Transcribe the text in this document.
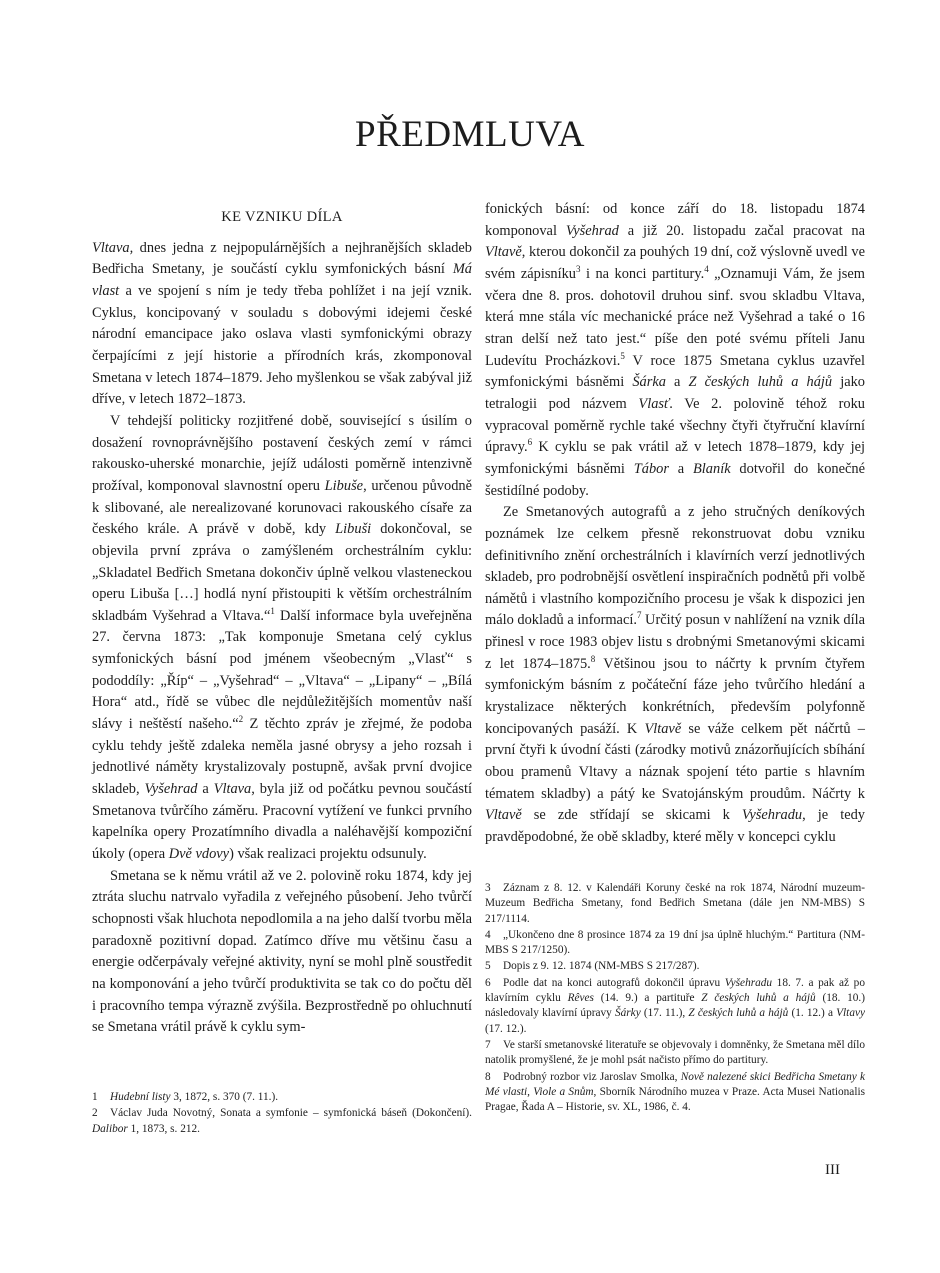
PŘEDMLUVA
KE VZNIKU DÍLA

Vltava, dnes jedna z nejpopulárnějších a nejhranějších skladeb Bedřicha Smetany, je součástí cyklu symfonických básní Má vlast a ve spojení s ním je tedy třeba pohlížet i na její vznik. Cyklus, koncipovaný v souladu s dobovými idejemi české národní emancipace jako oslava vlasti symfonickými obrazy čerpajícími z její historie a přírodních krás, zkomponoval Smetana v letech 1874–1879. Jeho myšlenkou se však zabýval již dříve, v letech 1872–1873.

V tehdejší politicky rozjitřené době, související s úsilím o dosažení rovnoprávnějšího postavení českých zemí v rámci rakousko-uherské monarchie, jejíž události poměrně intenzivně prožíval, komponoval slavnostní operu Libuše, určenou původně k slibované, ale nerealizované korunovaci rakouského císaře za českého krále. A právě v době, kdy Libuši dokončoval, se objevila první zpráva o zamýšleném orchestrálním cyklu: „Skladatel Bedřich Smetana dokončiv úplně velkou vlasteneckou operu Libuša […] hodlá nyní přistoupiti k větším orchestrálním skladbám Vyšehrad a Vltava.“$^1$ Další informace byla uveřejněna 27. června 1873: „Tak komponuje Smetana celý cyklus symfonických básní pod jménem všeobecným „Vlasť“ s pododdíly: „Říp“ – „Vyšehrad“ – „Vltava“ – „Lipany“ – „Bílá Hora“ atd., řídě se vůbec dle nejdůležitějších momentův naší slávy i neštěstí našeho.“$^2$ Z těchto zpráv je zřejmé, že podoba cyklu tehdy ještě zdaleka neměla jasné obrysy a jeho rozsah i jednotlivé náměty krystalizovaly postupně, avšak první dvojice skladeb, Vyšehrad a Vltava, byla již od počátku pevnou součástí Smetanova tvůrčího záměru. Pracovní vytížení ve funkci prvního kapelníka opery Prozatímního divadla a naléhavější kompoziční úkoly (opera Dvě vdovy) však realizaci projektu odsunuly.

Smetana se k němu vrátil až ve 2. polovině roku 1874, kdy jej ztráta sluchu natrvalo vyřadila z veřejného působení. Jeho tvůrčí schopnosti však hluchota nepodlomila a na jeho další tvorbu měla paradoxně pozitivní dopad. Zatímco dříve mu většinu času a energie odčerpávaly veřejné aktivity, nyní se mohl plně soustředit na komponování a jeho tvůrčí produktivita se tak co do počtu děl i pracovního tempa výrazně zvýšila. Bezprostředně po ohluchnutí se Smetana vrátil právě k cyklu sym-

fonických básní: od konce září do 18. listopadu 1874 komponoval Vyšehrad a již 20. listopadu začal pracovat na Vltavě, kterou dokončil za pouhých 19 dní, což výslovně uvedl ve svém zápisníku$^3$ i na konci partitury.$^4$ „Oznamuji Vám, že jsem včera dne 8. pros. dohotovil druhou sinf. svou skladbu Vltava, která mne stála víc mechanické práce než Vyšehrad a také o 16 stran delší než tato jest.“ píše den poté svému příteli Janu Ludevítu Procházkovi.$^5$ V roce 1875 Smetana cyklus uzavřel symfonickými básněmi Šárka a Z českých luhů a hájů jako tetralogii pod názvem Vlasť. Ve 2. polovině téhož roku vypracoval poměrně rychle také všechny čtyři čtyřruční klavírní úpravy.$^6$ K cyklu se pak vrátil až v letech 1878–1879, kdy jej symfonickými básněmi Tábor a Blaník dotvořil do konečné šestidílné podoby.

Ze Smetanových autografů a z jeho stručných deníkových poznámek lze celkem přesně rekonstruovat dobu vzniku definitivního znění orchestrálních i klavírních verzí jednotlivých skladeb, pro podrobnější osvětlení inspiračních podnětů při volbě námětů i vlastního kompozičního procesu je však k dispozici jen málo dokladů a informací.$^7$ Určitý posun v nahlížení na vznik díla přinesl v roce 1983 objev listu s drobnými Smetanovými skicami z let 1874–1875.$^8$ Většinou jsou to náčrty k prvním čtyřem symfonickým básním z počáteční fáze jeho tvůrčího hledání a krystalizace některých konkrétních, především polyfonně koncipovaných pasáží. K Vltavě se váže celkem pět náčrtů – první čtyři k úvodní části (zárodky motivů znázorňujících sbíhání obou pramenů Vltavy a náznak spojení této partie s hlavním tématem skladby) a pátý ke Svatojánským proudům. Náčrty k Vltavě se zde střídají se skicami k Vyšehradu, je tedy pravděpodobné, že obě skladby, které měly v koncepci cyklu

1 Hudební listy 3, 1872, s. 370 (7. 11.).
2 Václav Juda Novotný, Sonata a symfonie – symfonická báseň (Dokončení). Dalibor 1, 1873, s. 212.
3 Záznam z 8. 12. v Kalendáři Koruny české na rok 1874, Národní muzeum-Muzeum Bedřicha Smetany, fond Bedřich Smetana (dále jen NM-MBS) S 217/1114.
4 „Ukončeno dne 8 prosince 1874 za 19 dní jsa úplně hluchým.“ Partitura (NM-MBS S 217/1250).
5 Dopis z 9. 12. 1874 (NM-MBS S 217/287).
6 Podle dat na konci autografů dokončil úpravu Vyšehradu 18. 7. a pak až po klavírním cyklu Rêves (14. 9.) a partituře Z českých luhů a hájů (18. 10.) následovaly klavírní úpravy Šárky (17. 11.), Z českých luhů a hájů (1. 12.) a Vltavy (17. 12.).
7 Ve starší smetanovské literatuře se objevovaly i domněnky, že Smetana měl dílo natolik promyšlené, že je mohl psát načisto přímo do partitury.
8 Podrobný rozbor viz Jaroslav Smolka, Nově nalezené skici Bedřicha Smetany k Mé vlasti, Viole a Snům, Sborník Národního muzea v Praze. Acta Musei Nationalis Pragae, Řada A – Historie, sv. XL, 1986, č. 4.
III
